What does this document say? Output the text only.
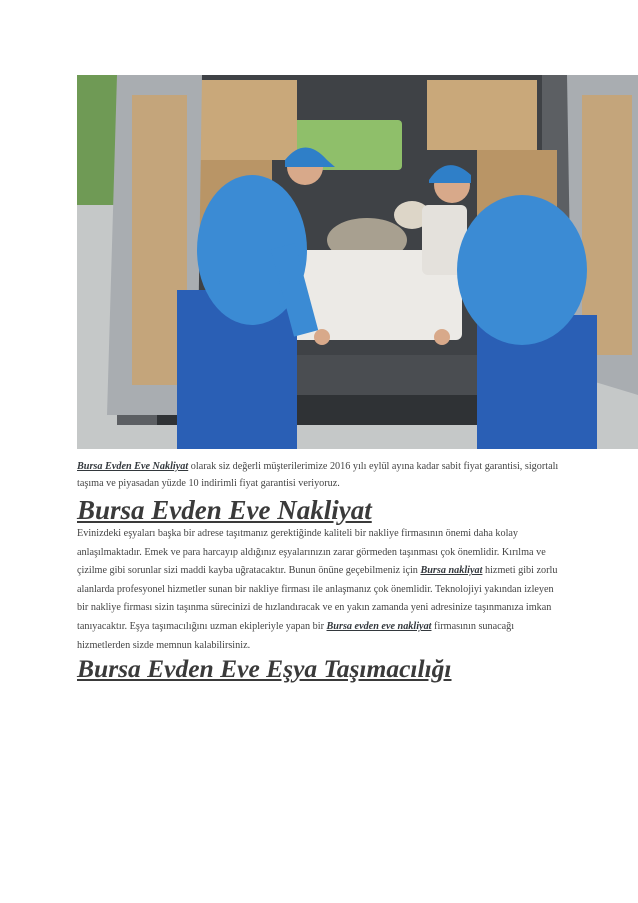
Bursa Evden Eve Nakliyat olarak siz değerli müşterilerimize 2016 yılı eylül ayına kadar sabit fiyat garantisi, sigortalı taşıma ve piyasadan yüzde 10 indirimli fiyat garantisi veriyoruz.

Bursa Evden Eve Nakliyat

Evinizdeki eşyaları başka bir adrese taşıtmanız gerektiğinde kaliteli bir nakliye firmasının önemi daha kolay anlaşılmaktadır. Emek ve para harcayıp aldığınız eşyalarınızın zarar görmeden taşınması çok önemlidir. Kırılma ve çizilme gibi sorunlar sizi maddi kayba uğratacaktır. Bunun önüne geçebilmeniz için Bursa nakliyat hizmeti gibi zorlu alanlarda profesyonel hizmetler sunan bir nakliye firması ile anlaşmanız çok önemlidir. Teknolojiyi yakından izleyen bir nakliye firması sizin taşınma sürecinizi de hızlandıracak ve en yakın zamanda yeni adresinize taşınmanıza imkan tanıyacaktır. Eşya taşımacılığını uzman ekipleriyle yapan bir Bursa evden eve nakliyat firmasının sunacağı hizmetlerden sizde memnun kalabilirsiniz.

Bursa Evden Eve Eşya Taşımacılığı
